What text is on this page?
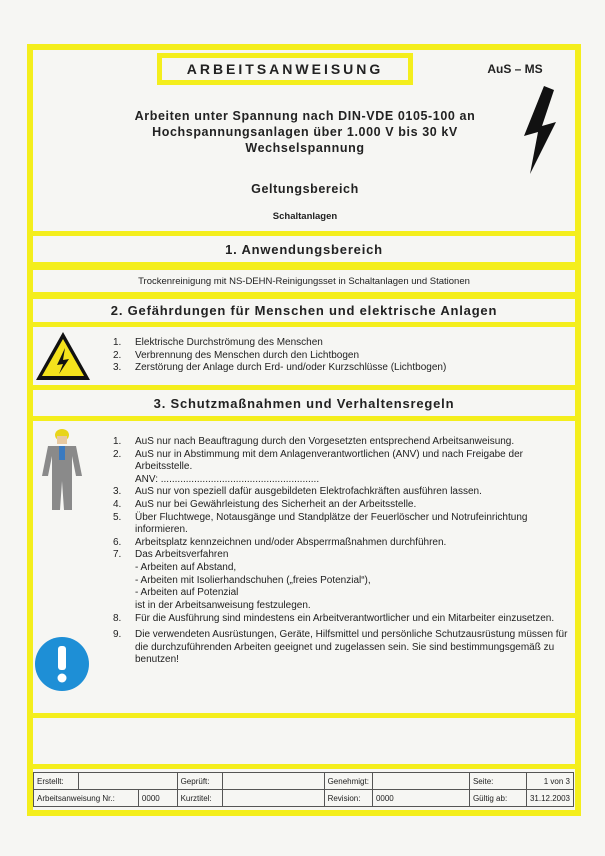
ARBEITSANWEISUNG	AuS – MS
Arbeiten unter Spannung nach DIN-VDE 0105-100 an
Hochspannungsanlagen über 1.000 V bis 30 kV
Wechselspannung
Geltungsbereich
Schaltanlagen
1. Anwendungsbereich
Trockenreinigung mit NS-DEHN-Reinigungsset in Schaltanlagen und Stationen
2. Gefährdungen für Menschen und elektrische Anlagen
1.	Elektrische Durchströmung des Menschen
2.	Verbrennung des Menschen durch den Lichtbogen
3.	Zerstörung der Anlage durch Erd- und/oder Kurzschlüsse (Lichtbogen)
3. Schutzmaßnahmen und Verhaltensregeln
1.	AuS nur nach Beauftragung durch den Vorgesetzten entsprechend Arbeitsanweisung.
2.	AuS nur in Abstimmung mit dem Anlagenverantwortlichen (ANV) und nach Freigabe der Arbeitsstelle.
ANV: .........................................................
3.	AuS nur von speziell dafür ausgebildeten Elektrofachkräften ausführen lassen.
4.	AuS nur bei Gewährleistung des Sicherheit an der Arbeitsstelle.
5.	Über Fluchtwege, Notausgänge und Standplätze der Feuerlöscher und Notrufeinrichtung informieren.
6.	Arbeitsplatz kennzeichnen und/oder Absperrmaßnahmen durchführen.
7.	Das Arbeitsverfahren
- Arbeiten auf Abstand,
- Arbeiten mit Isolierhandschuhen („freies Potenzial“),
- Arbeiten auf Potenzial
ist in der Arbeitsanweisung festzulegen.
8.	Für die Ausführung sind mindestens ein Arbeitverantwortlicher und ein Mitarbeiter einzusetzen.
9.	Die verwendeten Ausrüstungen, Geräte, Hilfsmittel und persönliche Schutzausrüstung müssen für die durchzuführenden Arbeiten geeignet und zugelassen sein. Sie sind bestimmungsgemäß zu benutzen!
Erstellt:			Geprüft:		Genehmigt:		Seite:	1 von 3
Arbeitsanweisung Nr.:		0000	Kurztitel:		Revision:	0000	Gültig ab:	31.12.2003
